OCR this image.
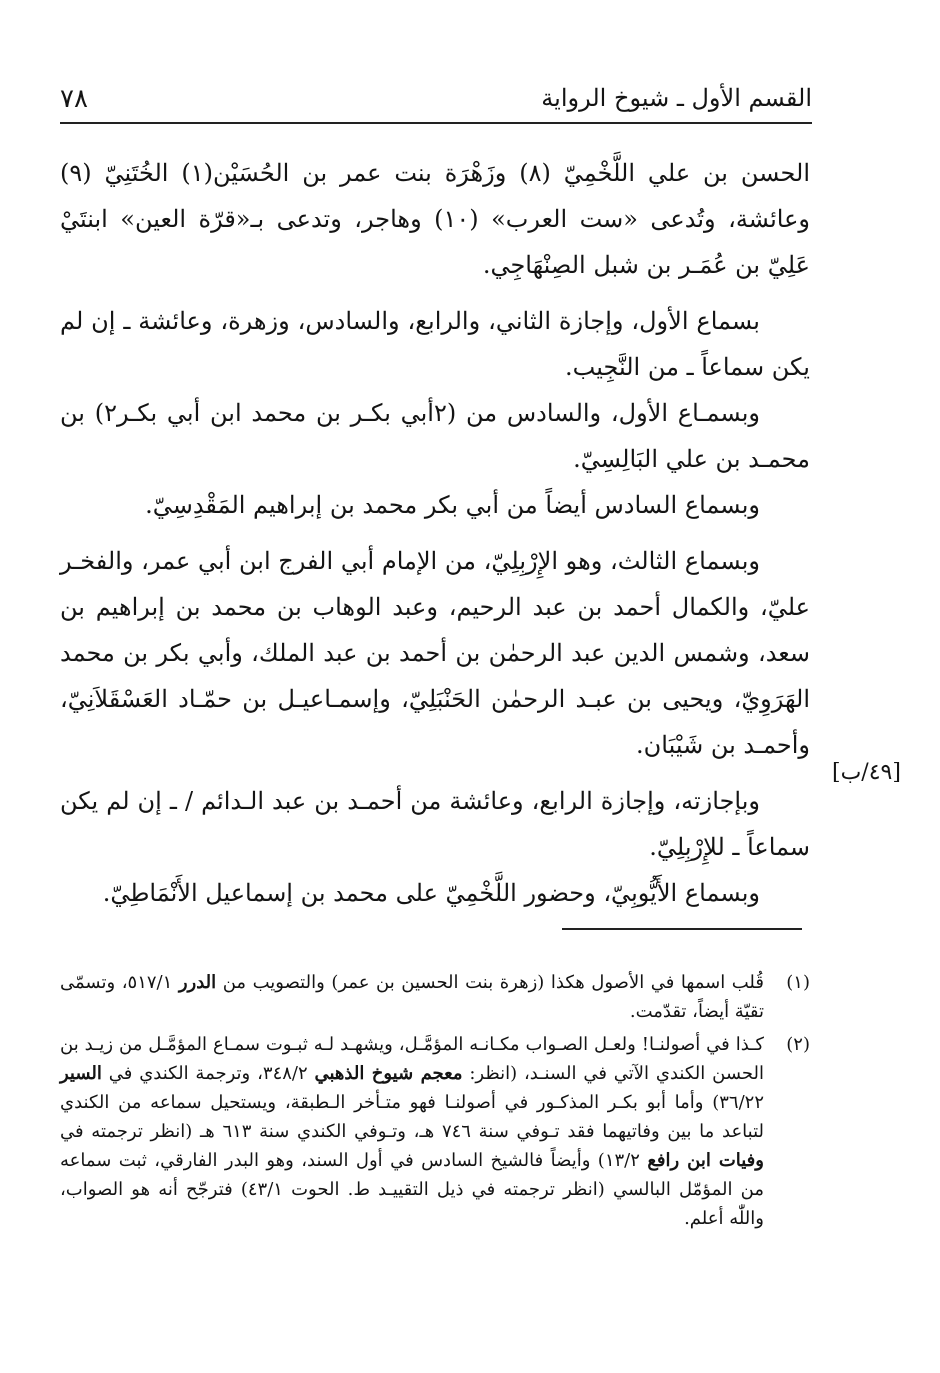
القسم الأول ـ شيوخ الرواية
٧٨

الحسن بن علي اللَّخْمِيّ (٨) وزَهْرَة بنت عمر بن الحُسَيْن(١) الخُتَنِيّ (٩) وعائشة، وتُدعى «ست العرب» (١٠) وهاجر، وتدعى بـ«قرّة العين» ابنتَيْ عَلِيّ بن عُمَـر بن شبل الصِنْهَاجِي.

بسماع الأول، وإجازة الثاني، والرابع، والسادس، وزهرة، وعائشة ـ إن لم يكن سماعاً ـ من النَّجِيب.

وبسمـاع الأول، والسادس من (٢أبي بكـر بن محمد ابن أبي بكـر٢) بن محمـد بن علي البَالِسِيّ.

وبسماع السادس أيضاً من أبي بكر محمد بن إبراهيم المَقْدِسِيّ.

وبسماع الثالث، وهو الإِرْبِلِيّ، من الإمام أبي الفرج ابن أبي عمر، والفخـر عليّ، والكمال أحمد بن عبد الرحيم، وعبد الوهاب بن محمد بن إبراهيم بن سعد، وشمس الدين عبد الرحمٰن بن أحمد بن عبد الملك، وأبي بكر بن محمد الهَرَوِيّ، ويحيى بن عبـد الرحمٰن الحَنْبَلِيّ، وإسمـاعيـل بن حمّـاد العَسْقَلاَنِيّ، وأحمـد بن شَيْبَان.

وبإجازته، وإجازة الرابع، وعائشة من أحمـد بن عبد الـدائم / ـ إن لم يكن سماعاً ـ للإِرْبِلِيّ.

وبسماع الأَيُّوبِيّ، وحضور اللَّخْمِيّ على محمد بن إسماعيل الأَنْمَاطِيّ.

[٤٩/ب]
(١)
قُلب اسمها في الأصول هكذا (زهرة بنت الحسين بن عمر) والتصويب من الدرر ٥١٧/١، وتسمّى تقيّة أيضاً، تقدّمت.
(٢)
كـذا في أصولنـا! ولعـل الصـواب مكـانـه المؤمَّـل، ويشهـد لـه ثبـوت سمـاع المؤمَّـل من زيـد بن الحسن الكندي الآتي في السنـد، (انظر: معجم شيوخ الذهبي ٣٤٨/٢، وترجمة الكندي في السير ٣٦/٢٢) وأما أبو بكـر المذكـور في أصولنـا فهو متـأخر الـطبقة، ويستحيل سماعه من الكندي لتباعد ما بين وفاتيهما فقد تـوفي سنة ٧٤٦ هـ، وتـوفي الكندي سنة ٦١٣ هـ (انظر ترجمته في وفيات ابن رافع ١٣/٢) وأيضاً فالشيخ السادس في أول السند، وهو البدر الفارقي، ثبت سماعه من المؤمّل البالسي (انظر ترجمته في ذيل التقييـد ط. الحوت ٤٣/١) فترجّح أنه هو الصواب، واللّٰه أعلم.
